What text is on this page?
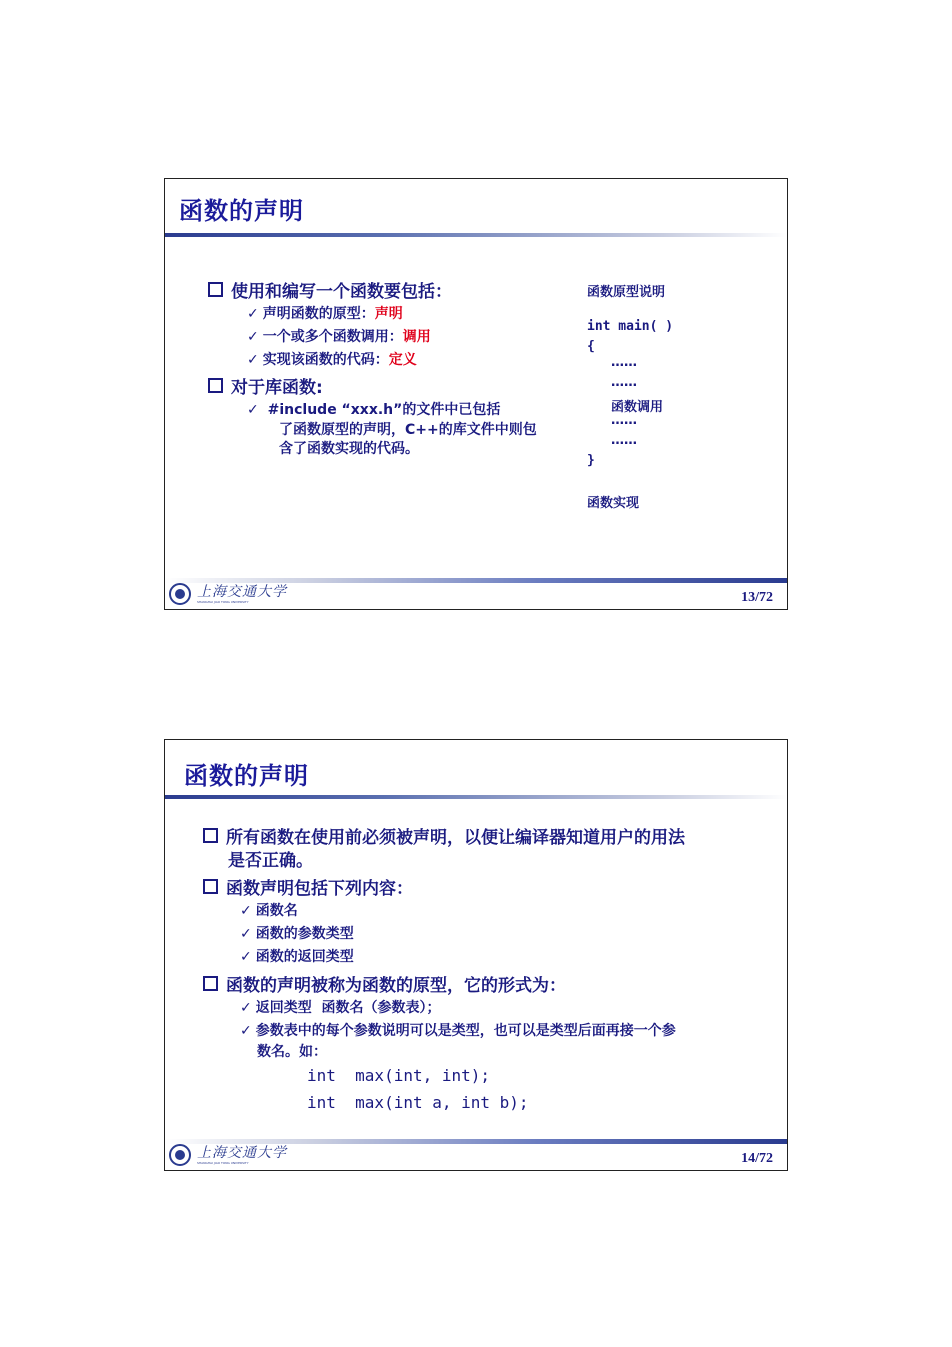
函数的声明
使用和编写一个函数要包括：
✓ 声明函数的原型：声明
✓ 一个或多个函数调用：调用
✓ 实现该函数的代码：定义
对于库函数:
✓ #include “xxx.h”的文件中已包括
了函数原型的声明，C++的库文件中则包
含了函数实现的代码。
函数原型说明
int main( )
{
……
……
函数调用
……
……
}
函数实现
上海交通大学
SHANGHAI JIAO TONG UNIVERSITY	13/72
函数的声明
所有函数在使用前必须被声明，以便让编译器知道用户的用法
是否正确。
函数声明包括下列内容：
✓ 函数名
✓ 函数的参数类型
✓ 函数的返回类型
函数的声明被称为函数的原型，它的形式为：
✓ 返回类型  函数名（参数表）；
✓ 参数表中的每个参数说明可以是类型，也可以是类型后面再接一个参
数名。如：
int  max(int, int);
int  max(int a, int b);
上海交通大学
SHANGHAI JIAO TONG UNIVERSITY	14/72
